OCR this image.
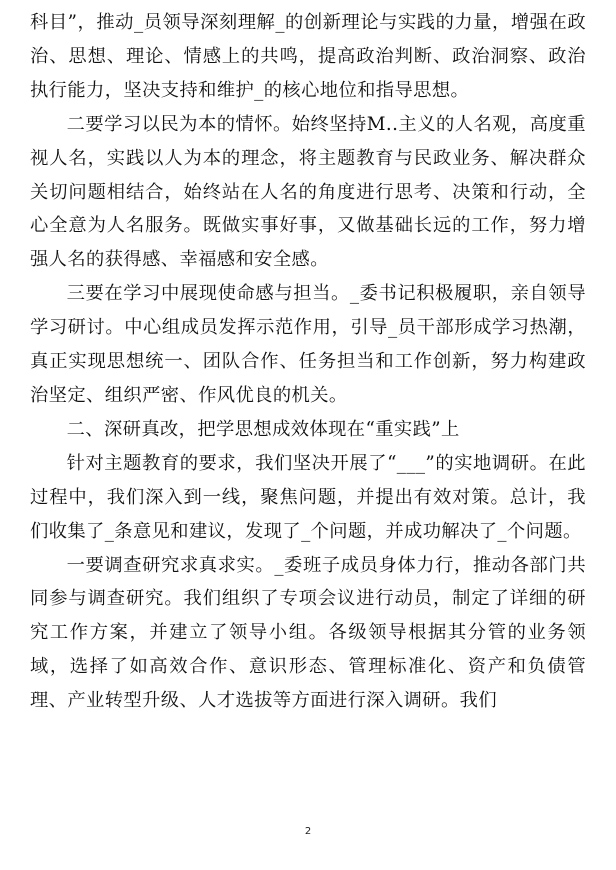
科目”，推动_员领导深刻理解_的创新理论与实践的力量，增强在政治、思想、理论、情感上的共鸣，提高政治判断、政治洞察、政治执行能力，坚决支持和维护_的核心地位和指导思想。

二要学习以民为本的情怀。始终坚持M..主义的人名观，高度重视人名，实践以人为本的理念，将主题教育与民政业务、解决群众关切问题相结合，始终站在人名的角度进行思考、决策和行动，全心全意为人名服务。既做实事好事，又做基础长远的工作，努力增强人名的获得感、幸福感和安全感。

三要在学习中展现使命感与担当。_委书记积极履职，亲自领导学习研讨。中心组成员发挥示范作用，引导_员干部形成学习热潮，真正实现思想统一、团队合作、任务担当和工作创新，努力构建政治坚定、组织严密、作风优良的机关。

二、深研真改，把学思想成效体现在“重实践”上

针对主题教育的要求，我们坚决开展了“___”的实地调研。在此过程中，我们深入到一线，聚焦问题，并提出有效对策。总计，我们收集了_条意见和建议，发现了_个问题，并成功解决了_个问题。

一要调查研究求真求实。_委班子成员身体力行，推动各部门共同参与调查研究。我们组织了专项会议进行动员，制定了详细的研究工作方案，并建立了领导小组。各级领导根据其分管的业务领域，选择了如高效合作、意识形态、管理标准化、资产和负债管理、产业转型升级、人才选拔等方面进行深入调研。我们

2
